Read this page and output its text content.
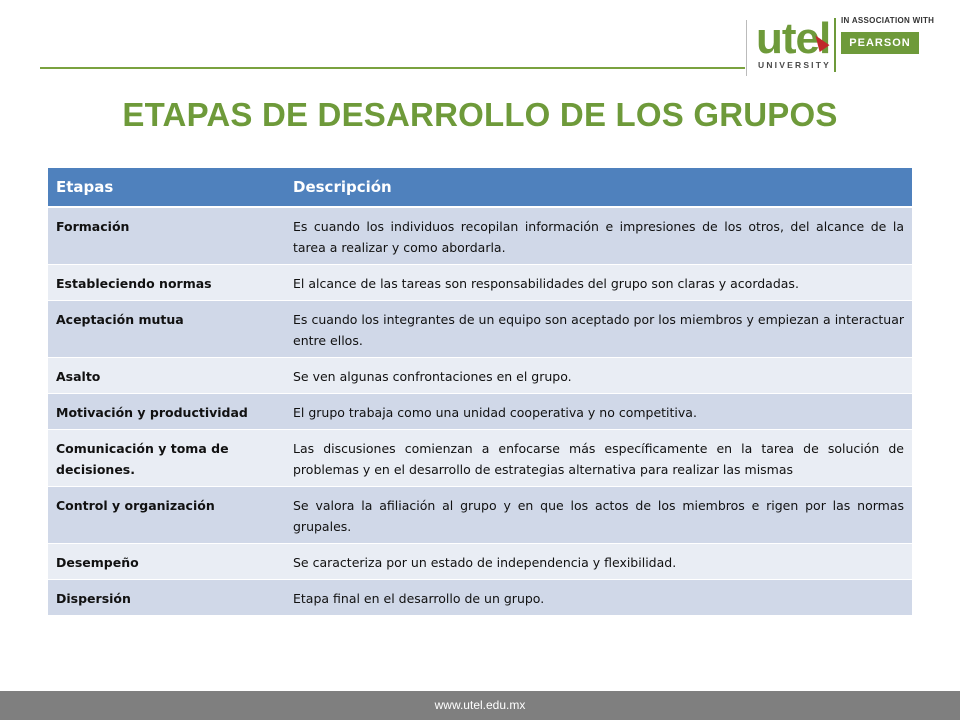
utel
UNIVERSITY
IN ASSOCIATION WITH
PEARSON
ETAPAS DE DESARROLLO DE LOS GRUPOS
Etapas	Descripción
Formación	Es cuando los individuos recopilan información e impresiones de los otros, del alcance de la tarea a realizar y como abordarla.
Estableciendo normas	El alcance de las tareas son responsabilidades del grupo son claras y acordadas.
Aceptación mutua	Es cuando los integrantes de un equipo son aceptado por los miembros y empiezan a interactuar entre ellos.
Asalto	Se ven algunas confrontaciones en el grupo.
Motivación y productividad	El grupo trabaja como una unidad cooperativa y no competitiva.
Comunicación y toma de decisiones.	Las discusiones comienzan a enfocarse más específicamente en la tarea de solución de problemas y en el desarrollo de estrategias alternativa para realizar las mismas
Control y organización	Se valora la afiliación al grupo y en que los actos de los miembros e rigen por las normas grupales.
Desempeño	Se caracteriza por un estado de independencia y flexibilidad.
Dispersión	Etapa final en el desarrollo de un grupo.
www.utel.edu.mx
